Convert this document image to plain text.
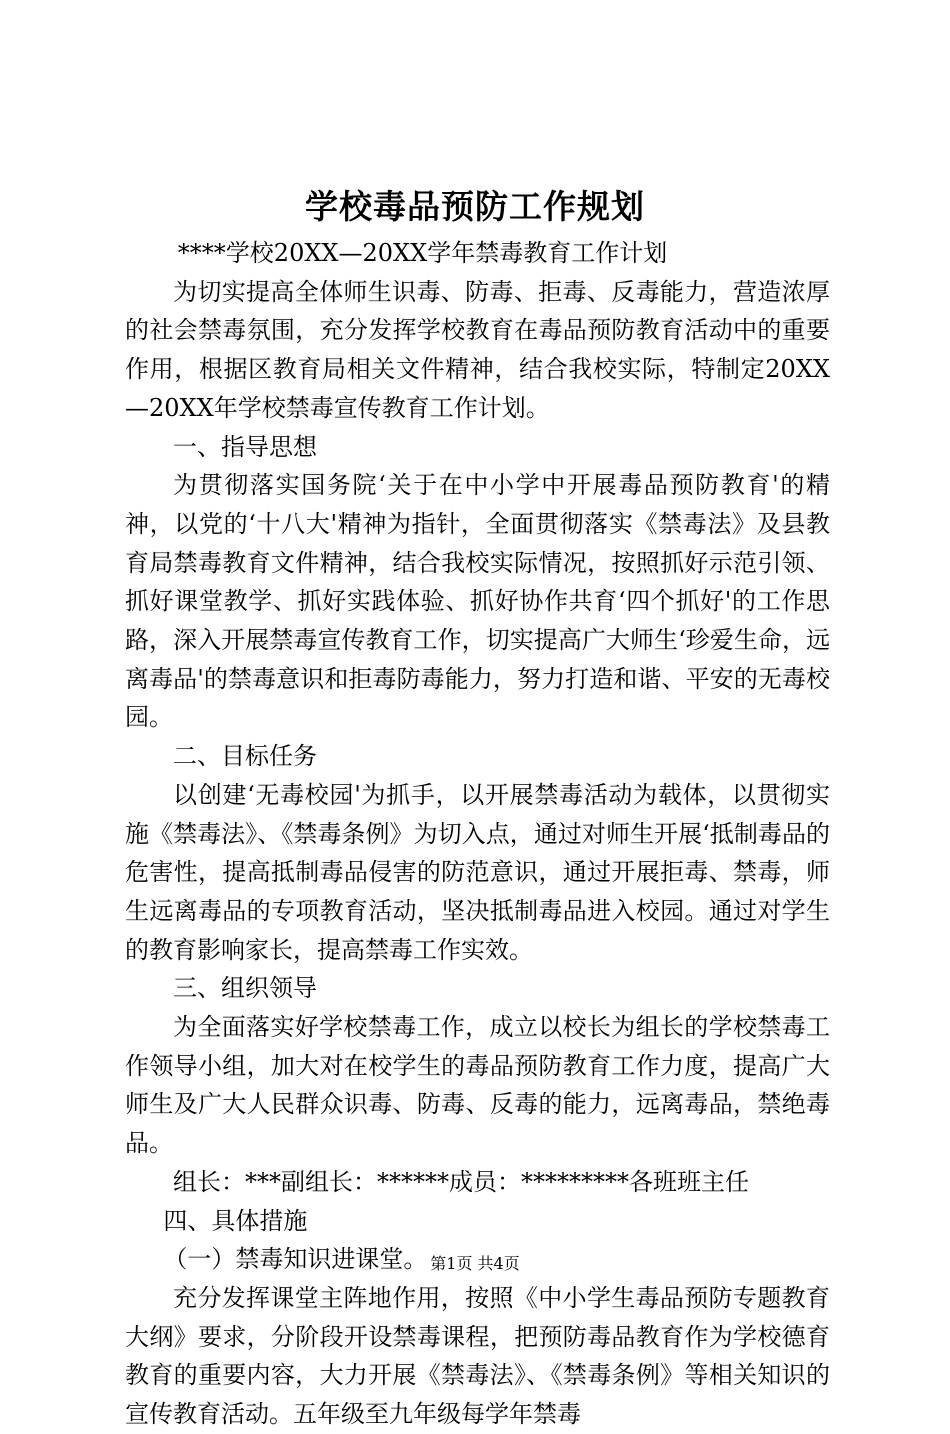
学校毒品预防工作规划

****学校20XX—20XX学年禁毒教育工作计划

为切实提高全体师生识毒、防毒、拒毒、反毒能力，营造浓厚的社会禁毒氛围，充分发挥学校教育在毒品预防教育活动中的重要作用，根据区教育局相关文件精神，结合我校实际，特制定20XX—20XX年学校禁毒宣传教育工作计划。

一、指导思想

为贯彻落实国务院‘关于在中小学中开展毒品预防教育'的精神，以党的‘十八大'精神为指针，全面贯彻落实《禁毒法》及县教育局禁毒教育文件精神，结合我校实际情况，按照抓好示范引领、抓好课堂教学、抓好实践体验、抓好协作共育‘四个抓好'的工作思路，深入开展禁毒宣传教育工作，切实提高广大师生‘珍爱生命，远离毒品'的禁毒意识和拒毒防毒能力，努力打造和谐、平安的无毒校园。

二、目标任务

以创建‘无毒校园'为抓手，以开展禁毒活动为载体，以贯彻实施《禁毒法》、《禁毒条例》为切入点，通过对师生开展‘抵制毒品的危害性，提高抵制毒品侵害的防范意识，通过开展拒毒、禁毒，师生远离毒品的专项教育活动，坚决抵制毒品进入校园。通过对学生的教育影响家长，提高禁毒工作实效。

三、组织领导

为全面落实好学校禁毒工作，成立以校长为组长的学校禁毒工作领导小组，加大对在校学生的毒品预防教育工作力度，提高广大师生及广大人民群众识毒、防毒、反毒的能力，远离毒品，禁绝毒品。

组长：***副组长：******成员：*********各班班主任

四、具体措施

（一）禁毒知识进课堂。

充分发挥课堂主阵地作用，按照《中小学生毒品预防专题教育大纲》要求，分阶段开设禁毒课程，把预防毒品教育作为学校德育教育的重要内容，大力开展《禁毒法》、《禁毒条例》等相关知识的宣传教育活动。五年级至九年级每学年禁毒

第1页 共4页
